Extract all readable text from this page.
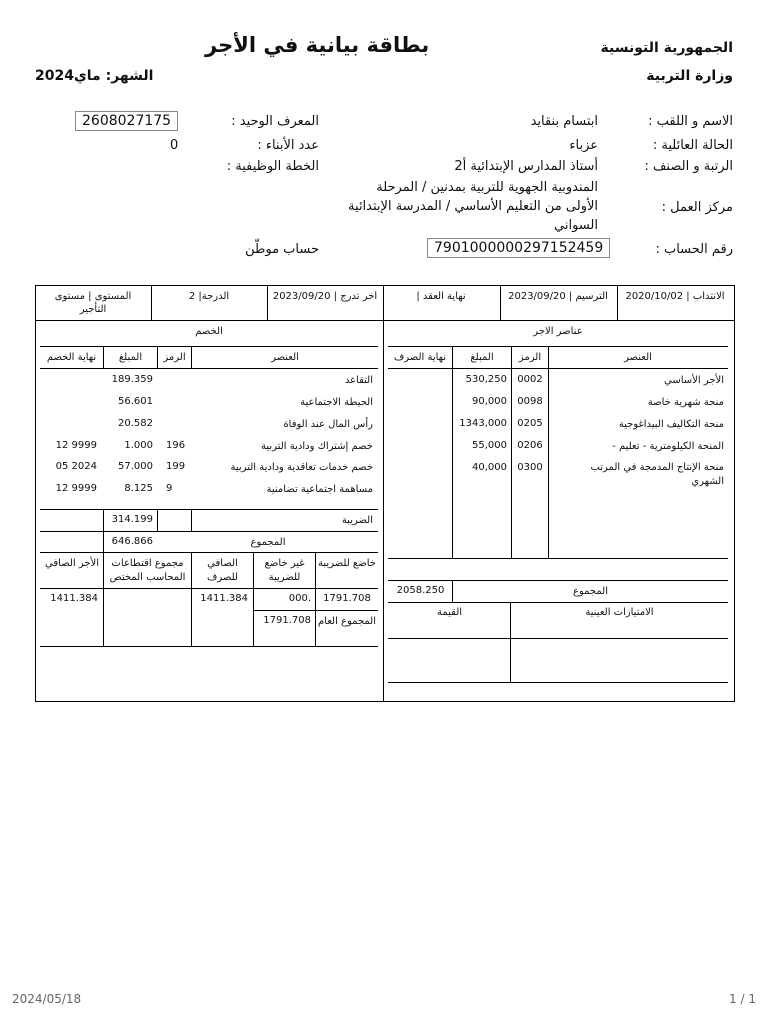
الجمهورية التونسية
وزارة التربية
بطاقة بيانية في الأجر
الشهر: ماي2024
الاسم و اللقب :
ابتسام بنقايد
الحالة العائلية :
عزباء
الرتبة و الصنف :
أستاذ المدارس الإبتدائية أ2
مركز العمل :
المندوبية الجهوية للتربية بمدنين / المرحلة
الأولى من التعليم الأساسي / المدرسة الإبتدائية
السواني
رقم الحساب :
7901000000297152459
المعرف الوحيد :
2608027175
عدد الأبناء :
0
الخطة الوظيفية :
حساب موطّن
الانتداب | 2020/10/02
الترسيم | 2023/09/20
نهاية العقد |
اخر تدرج | 2023/09/20
الدرجة| 2
المستوى | مستوى
التأجير
عناصر الاجر
العنصر
الرمز
المبلغ
نهاية الصرف
الأجر الأساسي
0002
530,250
منحة شهرية خاصة
0098
90,000
منحة التكاليف البيداغوجية
0205
1343,000
المنحة الكيلومترية - تعليم -
0206
55,000
منحة الإنتاج المدمجة في المرتب
الشهري
0300
40,000
المجموع
2058.250
الامتيازات العينية
القيمة
الخصم
العنصر
الرمز
المبلغ
نهاية الخصم
التقاعد
189.359
الحيطة الاجتماعية
56.601
رأس المال عند الوفاة
20.582
خصم إشتراك ودادية التربية
196
1.000
12 9999
خصم خدمات تعاقدية ودادية التربية
199
57.000
05 2024
مساهمة اجتماعية تضامنية
9
8.125
12 9999
الضريبة
314.199
المجموع
646.866
خاضع للضريبة
غير خاضع للضريبة
الصافي للصرف
مجموع اقتطاعات المحاسب المختص
الأجر الصافي
1791.708
000.
1411.384
1411.384
المجموع العام
1791.708
2024/05/18	1 / 1
